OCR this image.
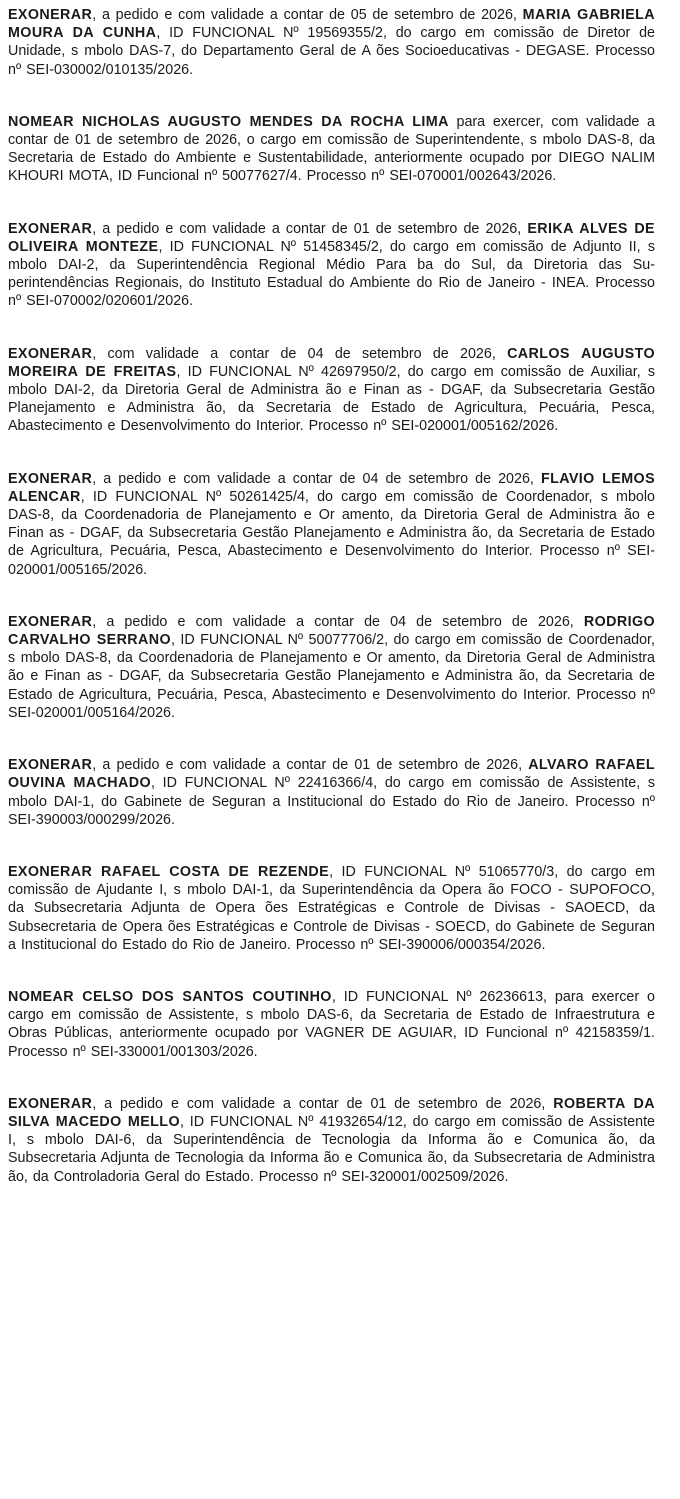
EXONERAR, a pedido e com validade a contar de 05 de setembro de 2026, MARIA GABRIELA MOURA DA CUNHA, ID FUNCIONAL Nº 19569355/2, do cargo em comissão de Diretor de Unidade, s mbolo DAS-7, do Departamento Geral de A ões Socioeducativas - DEGASE. Processo nº SEI-030002/010135/2026.

NOMEAR NICHOLAS AUGUSTO MENDES DA ROCHA LIMA para exercer, com validade a contar de 01 de setembro de 2026, o cargo em comissão de Superintendente, s mbolo DAS-8, da Secretaria de Estado do Ambiente e Sustentabilidade, anteriormente ocupado por DIEGO NALIM KHOURI MOTA, ID Funcional nº 50077627/4. Processo nº SEI-070001/002643/2026.

EXONERAR, a pedido e com validade a contar de 01 de setembro de 2026, ERIKA ALVES DE OLIVEIRA MONTEZE, ID FUNCIONAL Nº 51458345/2, do cargo em comissão de Adjunto II, s mbolo DAI-2, da Superintendência Regional Médio Para ba do Sul, da Diretoria das Superintendências Regionais, do Instituto Estadual do Ambiente do Rio de Janeiro - INEA. Processo nº SEI-070002/020601/2026.

EXONERAR, com validade a contar de 04 de setembro de 2026, CARLOS AUGUSTO MOREIRA DE FREITAS, ID FUNCIONAL Nº 42697950/2, do cargo em comissão de Auxiliar, s mbolo DAI-2, da Diretoria Geral de Administra ão e Finan as - DGAF, da Subsecretaria Gestão Planejamento e Administra ão, da Secretaria de Estado de Agricultura, Pecuária, Pesca, Abastecimento e Desenvolvimento do Interior. Processo nº SEI-020001/005162/2026.

EXONERAR, a pedido e com validade a contar de 04 de setembro de 2026, FLAVIO LEMOS ALENCAR, ID FUNCIONAL Nº 50261425/4, do cargo em comissão de Coordenador, s mbolo DAS-8, da Coordenadoria de Planejamento e Or amento, da Diretoria Geral de Administra ão e Finan as - DGAF, da Subsecretaria Gestão Planejamento e Administra ão, da Secretaria de Estado de Agricultura, Pecuária, Pesca, Abastecimento e Desenvolvimento do Interior. Processo nº SEI-020001/005165/2026.

EXONERAR, a pedido e com validade a contar de 04 de setembro de 2026, RODRIGO CARVALHO SERRANO, ID FUNCIONAL Nº 50077706/2, do cargo em comissão de Coordenador, s mbolo DAS-8, da Coordenadoria de Planejamento e Or amento, da Diretoria Geral de Administra ão e Finan as - DGAF, da Subsecretaria Gestão Planejamento e Administra ão, da Secretaria de Estado de Agricultura, Pecuária, Pesca, Abastecimento e Desenvolvimento do Interior. Processo nº SEI-020001/005164/2026.

EXONERAR, a pedido e com validade a contar de 01 de setembro de 2026, ALVARO RAFAEL OUVINA MACHADO, ID FUNCIONAL Nº 22416366/4, do cargo em comissão de Assistente, s mbolo DAI-1, do Gabinete de Seguran a Institucional do Estado do Rio de Janeiro. Processo nº SEI-390003/000299/2026.

EXONERAR RAFAEL COSTA DE REZENDE, ID FUNCIONAL Nº 51065770/3, do cargo em comissão de Ajudante I, s mbolo DAI-1, da Superintendência da Opera ão FOCO - SUPOFOCO, da Subsecretaria Adjunta de Opera ões Estratégicas e Controle de Divisas - SAOECD, da Subsecretaria de Opera ões Estratégicas e Controle de Divisas - SOECD, do Gabinete de Seguran a Institucional do Estado do Rio de Janeiro. Processo nº SEI-390006/000354/2026.

NOMEAR CELSO DOS SANTOS COUTINHO, ID FUNCIONAL Nº 26236613, para exercer o cargo em comissão de Assistente, s mbolo DAS-6, da Secretaria de Estado de Infraestrutura e Obras Públicas, anteriormente ocupado por VAGNER DE AGUIAR, ID Funcional nº 42158359/1. Processo nº SEI-330001/001303/2026.

EXONERAR, a pedido e com validade a contar de 01 de setembro de 2026, ROBERTA DA SILVA MACEDO MELLO, ID FUNCIONAL Nº 41932654/12, do cargo em comissão de Assistente I, s mbolo DAI-6, da Superintendência de Tecnologia da Informa ão e Comunica ão, da Subsecretaria Adjunta de Tecnologia da Informa ão e Comunica ão, da Subsecretaria de Administra ão, da Controladoria Geral do Estado. Processo nº SEI-320001/002509/2026.
